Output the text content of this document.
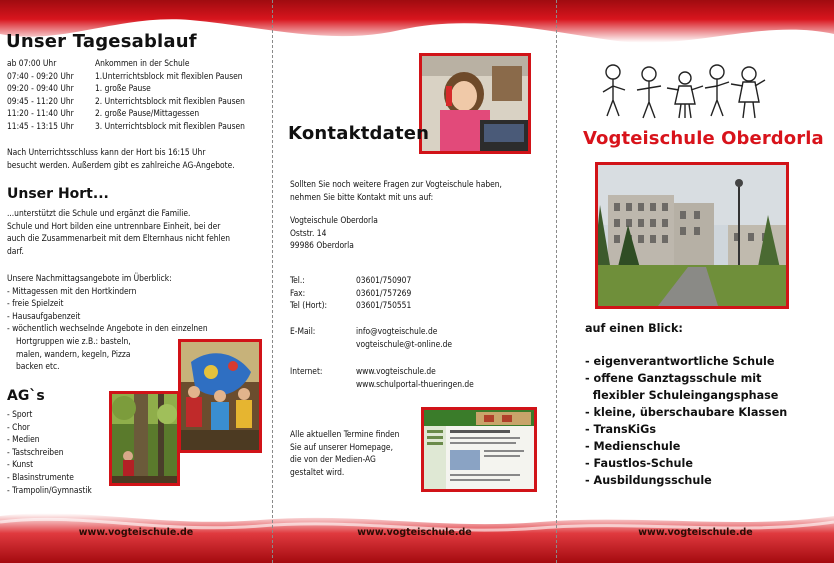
Unser Tagesablauf
ab 07:00 Uhr	Ankommen in der Schule
07:40 - 09:20 Uhr	1.Unterrichtsblock mit flexiblen Pausen
09:20 - 09:40 Uhr	1. große Pause
09:45 - 11:20 Uhr	2. Unterrichtsblock mit flexiblen Pausen
11:20 - 11:40 Uhr	2. große Pause/Mittagessen
11:45 - 13:15 Uhr	3. Unterrichtsblock mit flexiblen Pausen
Nach Unterrichtsschluss kann der Hort bis 16:15 Uhr
besucht werden. Außerdem gibt es zahlreiche AG-Angebote.
Unser Hort...
...unterstützt die Schule und ergänzt die Familie.
Schule und Hort bilden eine untrennbare Einheit, bei der
auch die Zusammenarbeit mit dem Elternhaus nicht fehlen
darf.
Unsere Nachmittagsangebote im Überblick:
- Mittagessen mit den Hortkindern
- freie Spielzeit
- Hausaufgabenzeit
- wöchentlich wechselnde Angebote in den einzelnen
Hortgruppen wie z.B.: basteln,
malen, wandern, kegeln, Pizza
backen etc.
AG`s
- Sport
- Chor
- Medien
- Tastschreiben
- Kunst
- Blasinstrumente
- Trampolin/Gymnastik
www.vogteischule.de
Kontaktdaten
Sollten Sie noch weitere Fragen zur Vogteischule haben,
nehmen Sie bitte Kontakt mit uns auf:
Vogteischule Oberdorla
Oststr. 14
99986 Oberdorla
Tel.:	03601/750907
Fax:	03601/757269
Tel (Hort):	03601/750551
E-Mail:	info@vogteischule.de
vogteischule@t-online.de
Internet:	www.vogteischule.de
www.schulportal-thueringen.de
Alle aktuellen Termine finden
Sie auf unserer Homepage,
die von der Medien-AG
gestaltet wird.
www.vogteischule.de
Vogteischule Oberdorla
auf einen Blick:
- eigenverantwortliche Schule
- offene Ganztagsschule mit
flexibler Schuleingangsphase
- kleine, überschaubare Klassen
- TransKiGs
- Medienschule
- Faustlos-Schule
- Ausbildungsschule
www.vogteischule.de
